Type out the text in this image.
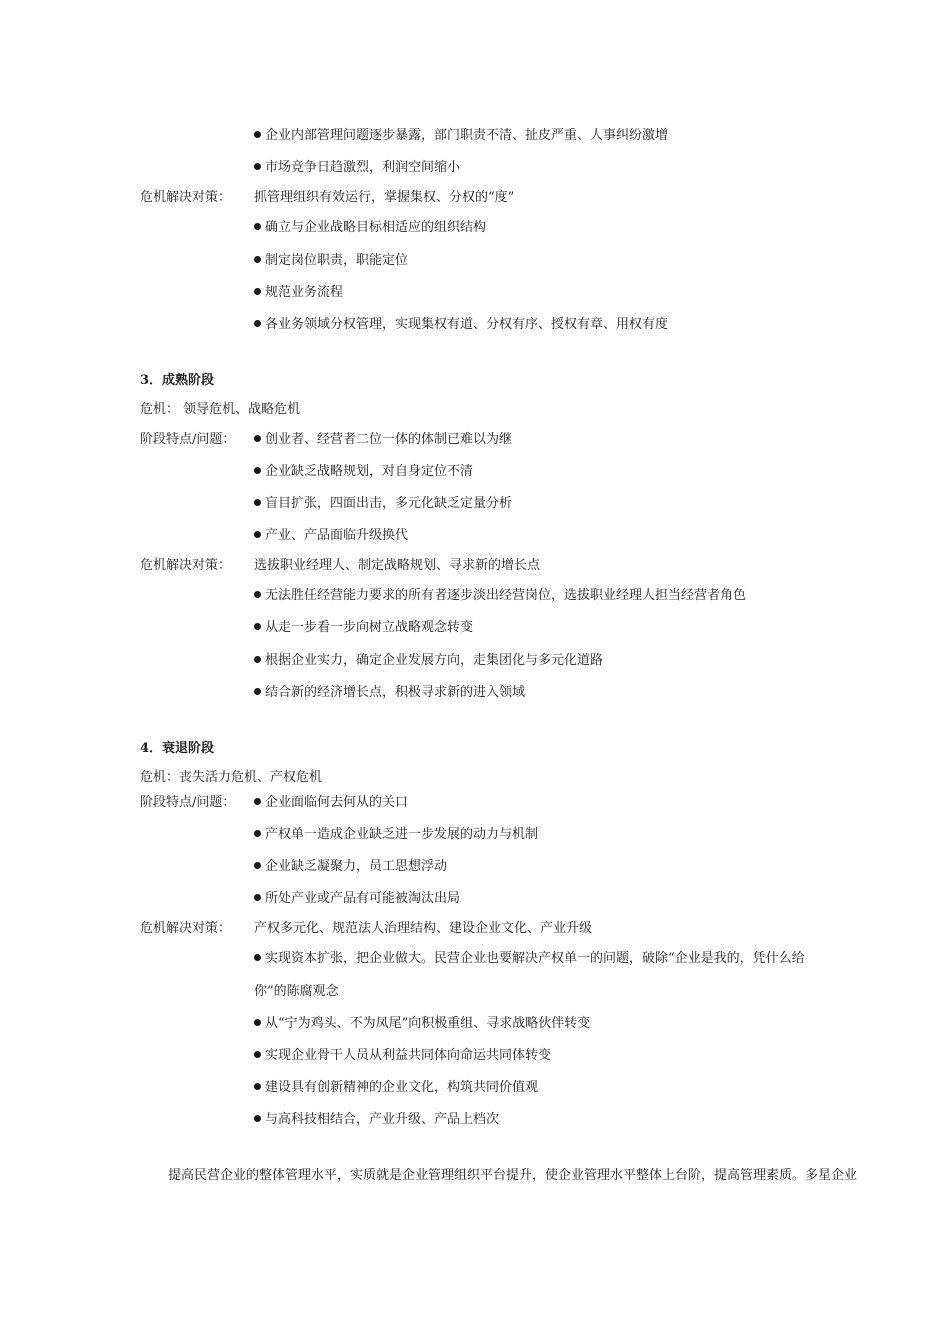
企业内部管理问题逐步暴露，部门职责不清、扯皮严重、人事纠纷激增
市场竞争日趋激烈，利润空间缩小
危机解决对策： 抓管理组织有效运行，掌握集权、分权的“度”
确立与企业战略目标相适应的组织结构
制定岗位职责，职能定位
规范业务流程
各业务领域分权管理，实现集权有道、分权有序、授权有章、用权有度
3．成熟阶段
危机： 领导危机、战略危机
阶段特点/问题：	创业者、经营者二位一体的体制已难以为继
企业缺乏战略规划，对自身定位不清
盲目扩张，四面出击，多元化缺乏定量分析
产业、产品面临升级换代
危机解决对策： 选拔职业经理人、制定战略规划、寻求新的增长点
无法胜任经营能力要求的所有者逐步淡出经营岗位，选拔职业经理人担当经营者角色
从走一步看一步向树立战略观念转变
根据企业实力，确定企业发展方向，走集团化与多元化道路
结合新的经济增长点，积极寻求新的进入领域
4．衰退阶段
危机：丧失活力危机、产权危机
阶段特点/问题：	企业面临何去何从的关口
产权单一造成企业缺乏进一步发展的动力与机制
企业缺乏凝聚力，员工思想浮动
所处产业或产品有可能被淘汰出局
危机解决对策： 产权多元化、规范法人治理结构、建设企业文化、产业升级
实现资本扩张，把企业做大。民营企业也要解决产权单一的问题，破除“企业是我的，凭什么给
你”的陈腐观念
从“宁为鸡头、不为凤尾”向积极重组、寻求战略伙伴转变
实现企业骨干人员从利益共同体向命运共同体转变
建设具有创新精神的企业文化，构筑共同价值观
与高科技相结合，产业升级、产品上档次
提高民营企业的整体管理水平，实质就是企业管理组织平台提升，使企业管理水平整体上台阶，提高管理素质。多星企业
